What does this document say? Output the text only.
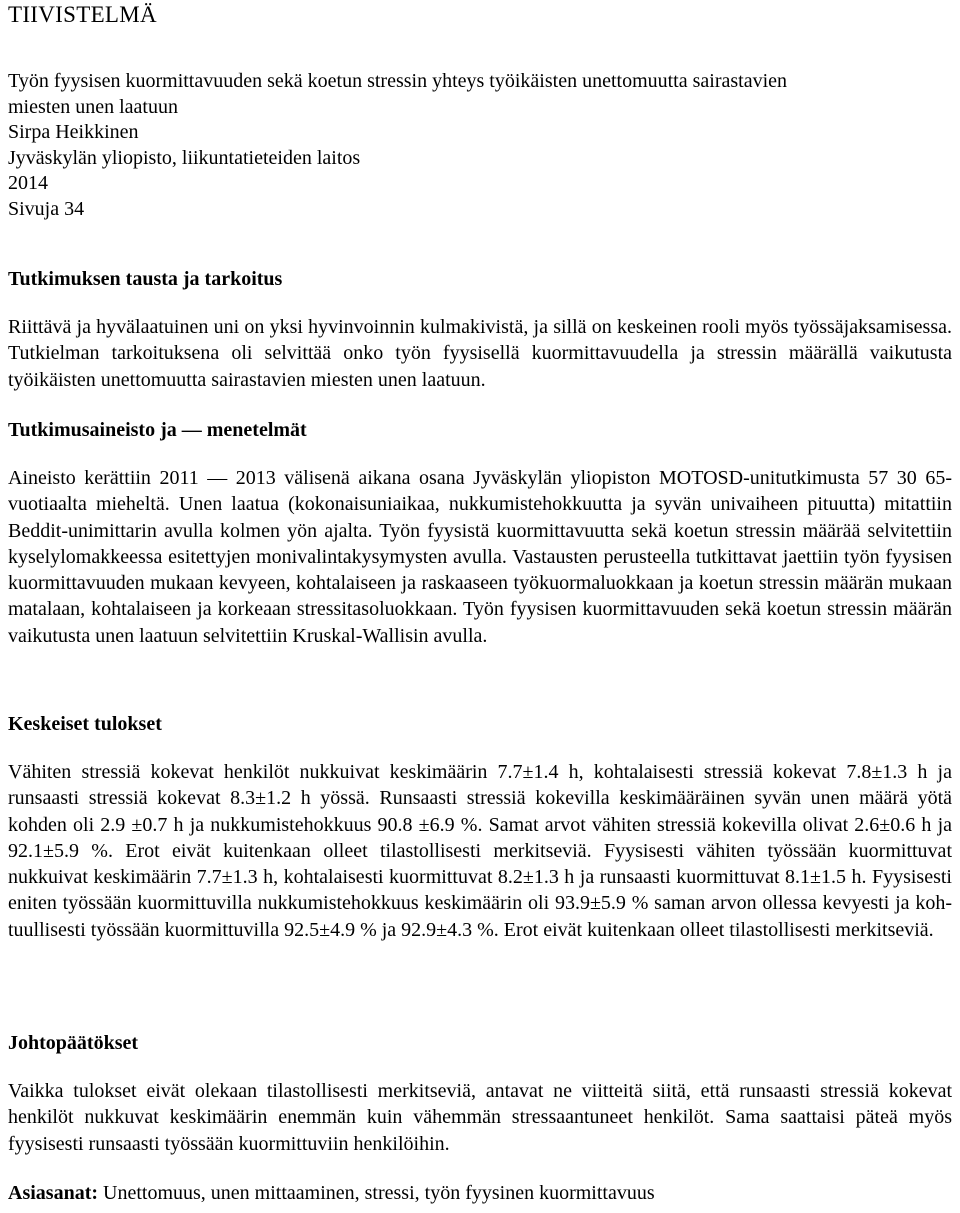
TIIVISTELMÄ
Työn fyysisen kuormittavuuden sekä koetun stressin yhteys työikäisten unettomuutta sairastavien
miesten unen laatuun
Sirpa Heikkinen
Jyväskylän yliopisto, liikuntatieteiden laitos
2014
Sivuja 34
Tutkimuksen tausta ja tarkoitus

Riittävä ja hyvälaatuinen uni on yksi hyvinvoinnin kulmakivistä, ja sillä on keskeinen rooli myös työssäjaksamisessa. Tutkielman tarkoituksena oli selvittää onko työn fyysisellä kuormittavuudella ja stressin määrällä vaikutusta työikäisten unettomuutta sairastavien miesten unen laatuun.

Tutkimusaineisto ja — menetelmät

Aineisto kerättiin 2011 — 2013 välisenä aikana osana Jyväskylän yliopiston MOTOSD-unitutkimusta 57 30 65-vuotiaalta mieheltä. Unen laatua (kokonaisuniaikaa, nukkumistehokkuutta ja syvän univaiheen pituutta) mitattiin Beddit-unimittarin avulla kolmen yön ajalta. Työn fyysistä kuormittavuutta sekä koetun stressin määrää selvitettiin kyselylomakkeessa esitettyjen monivalintakysymysten avulla. Vastausten perusteella tutkittavat jaettiin työn fyysisen kuormittavuuden mukaan kevyeen, kohtalaiseen ja raskaaseen työkuormaluokkaan ja koetun stressin määrän mukaan matalaan, kohtalaiseen ja korkeaan stressitasoluokkaan. Työn fyysisen kuormittavuuden sekä koetun stressin määrän vaikutusta unen laatuun selvitettiin Kruskal-Wallisin avulla.

Keskeiset tulokset

Vähiten stressiä kokevat henkilöt nukkuivat keskimäärin 7.7±1.4 h, kohtalaisesti stressiä kokevat 7.8±1.3 h ja runsaasti stressiä kokevat 8.3±1.2 h yössä. Runsaasti stressiä kokevilla keskimääräinen syvän unen määrä yötä kohden oli 2.9 ±0.7 h ja nukkumistehokkuus 90.8 ±6.9 %. Samat arvot vähiten stressiä kokevilla olivat 2.6±0.6 h ja 92.1±5.9 %. Erot eivät kuitenkaan olleet tilastollisesti merkitseviä. Fyysisesti vähiten työssään kuormittuvat nukkuivat keskimäärin 7.7±1.3 h, kohtalaisesti kuormittuvat 8.2±1.3 h ja runsaasti kuormittuvat 8.1±1.5 h. Fyysisesti eniten työssään kuormittuvilla nukkumistehokkuus keskimäärin oli 93.9±5.9 % saman arvon ollessa kevyesti ja kohtuullisesti työssään kuormittuvilla 92.5±4.9 % ja 92.9±4.3 %. Erot eivät kuitenkaan olleet tilastollisesti merkitseviä.

Johtopäätökset

Vaikka tulokset eivät olekaan tilastollisesti merkitseviä, antavat ne viitteitä siitä, että runsaasti stressiä kokevat henkilöt nukkuvat keskimäärin enemmän kuin vähemmän stressaantuneet henkilöt. Sama saattaisi päteä myös fyysisesti runsaasti työssään kuormittuviin henkilöihin.

Asiasanat: Unettomuus, unen mittaaminen, stressi, työn fyysinen kuormittavuus
